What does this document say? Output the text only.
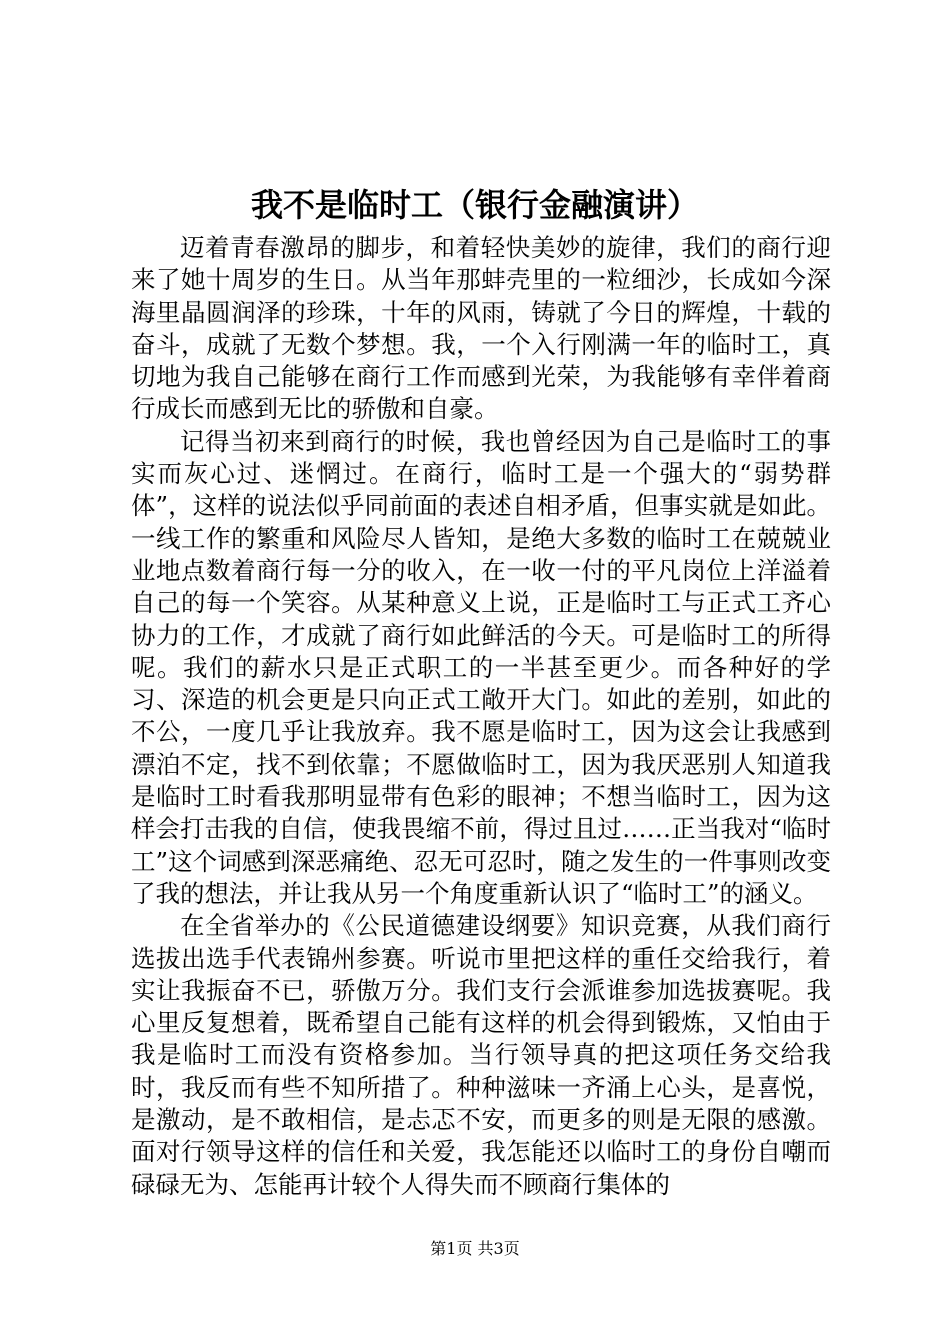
我不是临时工（银行金融演讲）

迈着青春激昂的脚步，和着轻快美妙的旋律，我们的商行迎来了她十周岁的生日。从当年那蚌壳里的一粒细沙，长成如今深海里晶圆润泽的珍珠，十年的风雨，铸就了今日的辉煌，十载的奋斗，成就了无数个梦想。我，一个入行刚满一年的临时工，真切地为我自己能够在商行工作而感到光荣，为我能够有幸伴着商行成长而感到无比的骄傲和自豪。

记得当初来到商行的时候，我也曾经因为自己是临时工的事实而灰心过、迷惘过。在商行，临时工是一个强大的“弱势群体”，这样的说法似乎同前面的表述自相矛盾，但事实就是如此。一线工作的繁重和风险尽人皆知，是绝大多数的临时工在兢兢业业地点数着商行每一分的收入，在一收一付的平凡岗位上洋溢着自己的每一个笑容。从某种意义上说，正是临时工与正式工齐心协力的工作，才成就了商行如此鲜活的今天。可是临时工的所得呢。我们的薪水只是正式职工的一半甚至更少。而各种好的学习、深造的机会更是只向正式工敞开大门。如此的差别，如此的不公，一度几乎让我放弃。我不愿是临时工，因为这会让我感到漂泊不定，找不到依靠；不愿做临时工，因为我厌恶别人知道我是临时工时看我那明显带有色彩的眼神；不想当临时工，因为这样会打击我的自信，使我畏缩不前，得过且过……正当我对“临时工”这个词感到深恶痛绝、忍无可忍时，随之发生的一件事则改变了我的想法，并让我从另一个角度重新认识了“临时工”的涵义。

在全省举办的《公民道德建设纲要》知识竞赛，从我们商行选拔出选手代表锦州参赛。听说市里把这样的重任交给我行，着实让我振奋不已，骄傲万分。我们支行会派谁参加选拔赛呢。我心里反复想着，既希望自己能有这样的机会得到锻炼，又怕由于我是临时工而没有资格参加。当行领导真的把这项任务交给我时，我反而有些不知所措了。种种滋味一齐涌上心头，是喜悦，是激动，是不敢相信，是忐忑不安，而更多的则是无限的感激。面对行领导这样的信任和关爱，我怎能还以临时工的身份自嘲而碌碌无为、怎能再计较个人得失而不顾商行集体的

第1页 共3页
